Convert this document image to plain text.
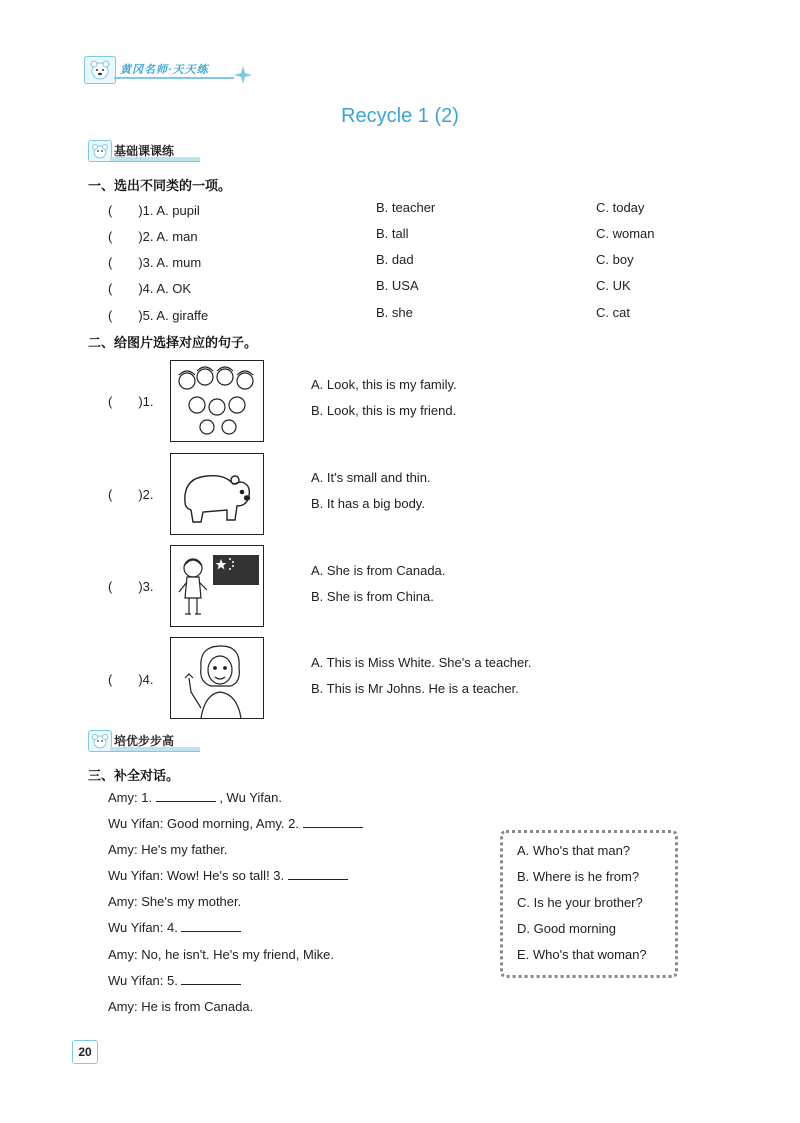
黄冈名师·天天练
Recycle 1 (2)
基础课课练
一、选出不同类的一项。
(　　)1. A. pupil	B. teacher	C. today
(　　)2. A. man	B. tall	C. woman
(　　)3. A. mum	B. dad	C. boy
(　　)4. A. OK	B. USA	C. UK
(　　)5. A. giraffe	B. she	C. cat
二、给图片选择对应的句子。
(　　)1.
A. Look, this is my family.
B. Look, this is my friend.
(　　)2.
A. It's small and thin.
B. It has a big body.
(　　)3.
A. She is from Canada.
B. She is from China.
(　　)4.
A. This is Miss White. She's a teacher.
B. This is Mr Johns. He is a teacher.
培优步步高
三、补全对话。
Amy: 1.	, Wu Yifan.
Wu Yifan: Good morning, Amy. 2.
Amy: He's my father.
Wu Yifan: Wow! He's so tall! 3.
Amy: She's my mother.
Wu Yifan: 4.
Amy: No, he isn't. He's my friend, Mike.
Wu Yifan: 5.
Amy: He is from Canada.
A. Who's that man?
B. Where is he from?
C. Is he your brother?
D. Good morning
E. Who's that woman?
20
